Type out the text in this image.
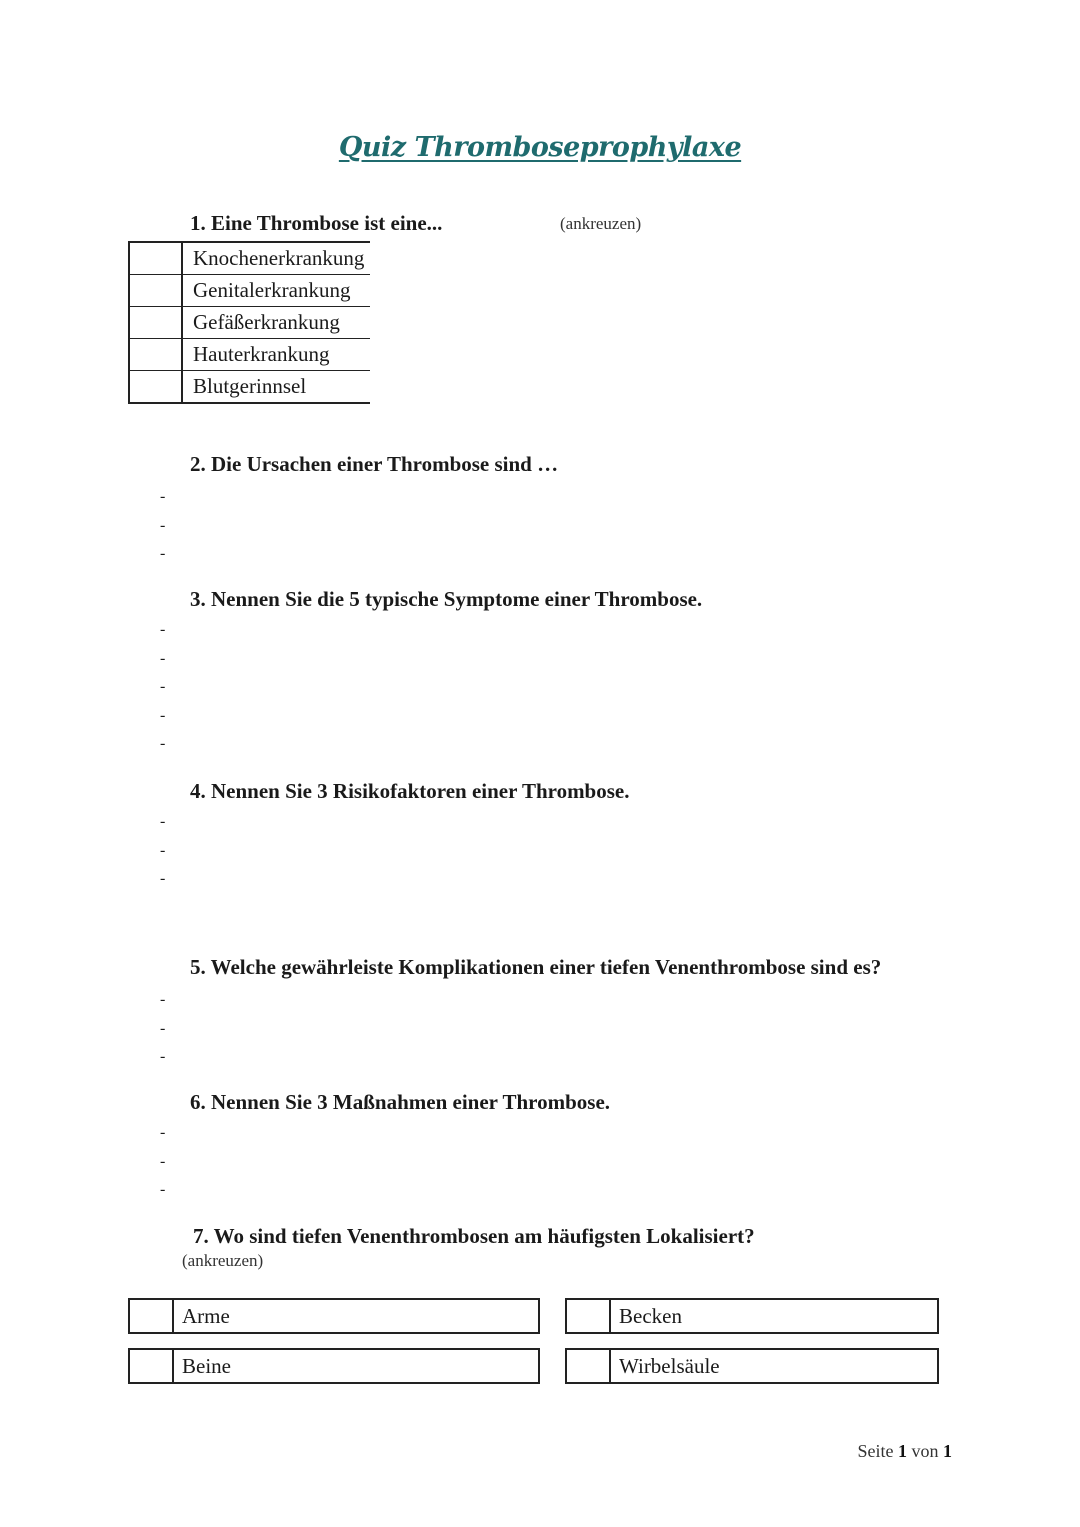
Quiz Thromboseprophylaxe
1. Eine Thrombose ist eine...	(ankreuzen)
Knochenerkrankung
Genitalerkrankung
Gefäßerkrankung
Hauterkrankung
Blutgerinnsel
2. Die Ursachen einer Thrombose sind …
-
-
-
3. Nennen Sie die 5 typische Symptome einer Thrombose.
-
-
-
-
-
4. Nennen Sie 3 Risikofaktoren einer Thrombose.
-
-
-
5. Welche gewährleiste Komplikationen einer tiefen Venenthrombose sind es?
-
-
-
6. Nennen Sie 3 Maßnahmen einer Thrombose.
-
-
-
7. Wo sind tiefen Venenthrombosen am häufigsten Lokalisiert?
(ankreuzen)
Arme	Becken
Beine	Wirbelsäule
Seite 1 von 1
